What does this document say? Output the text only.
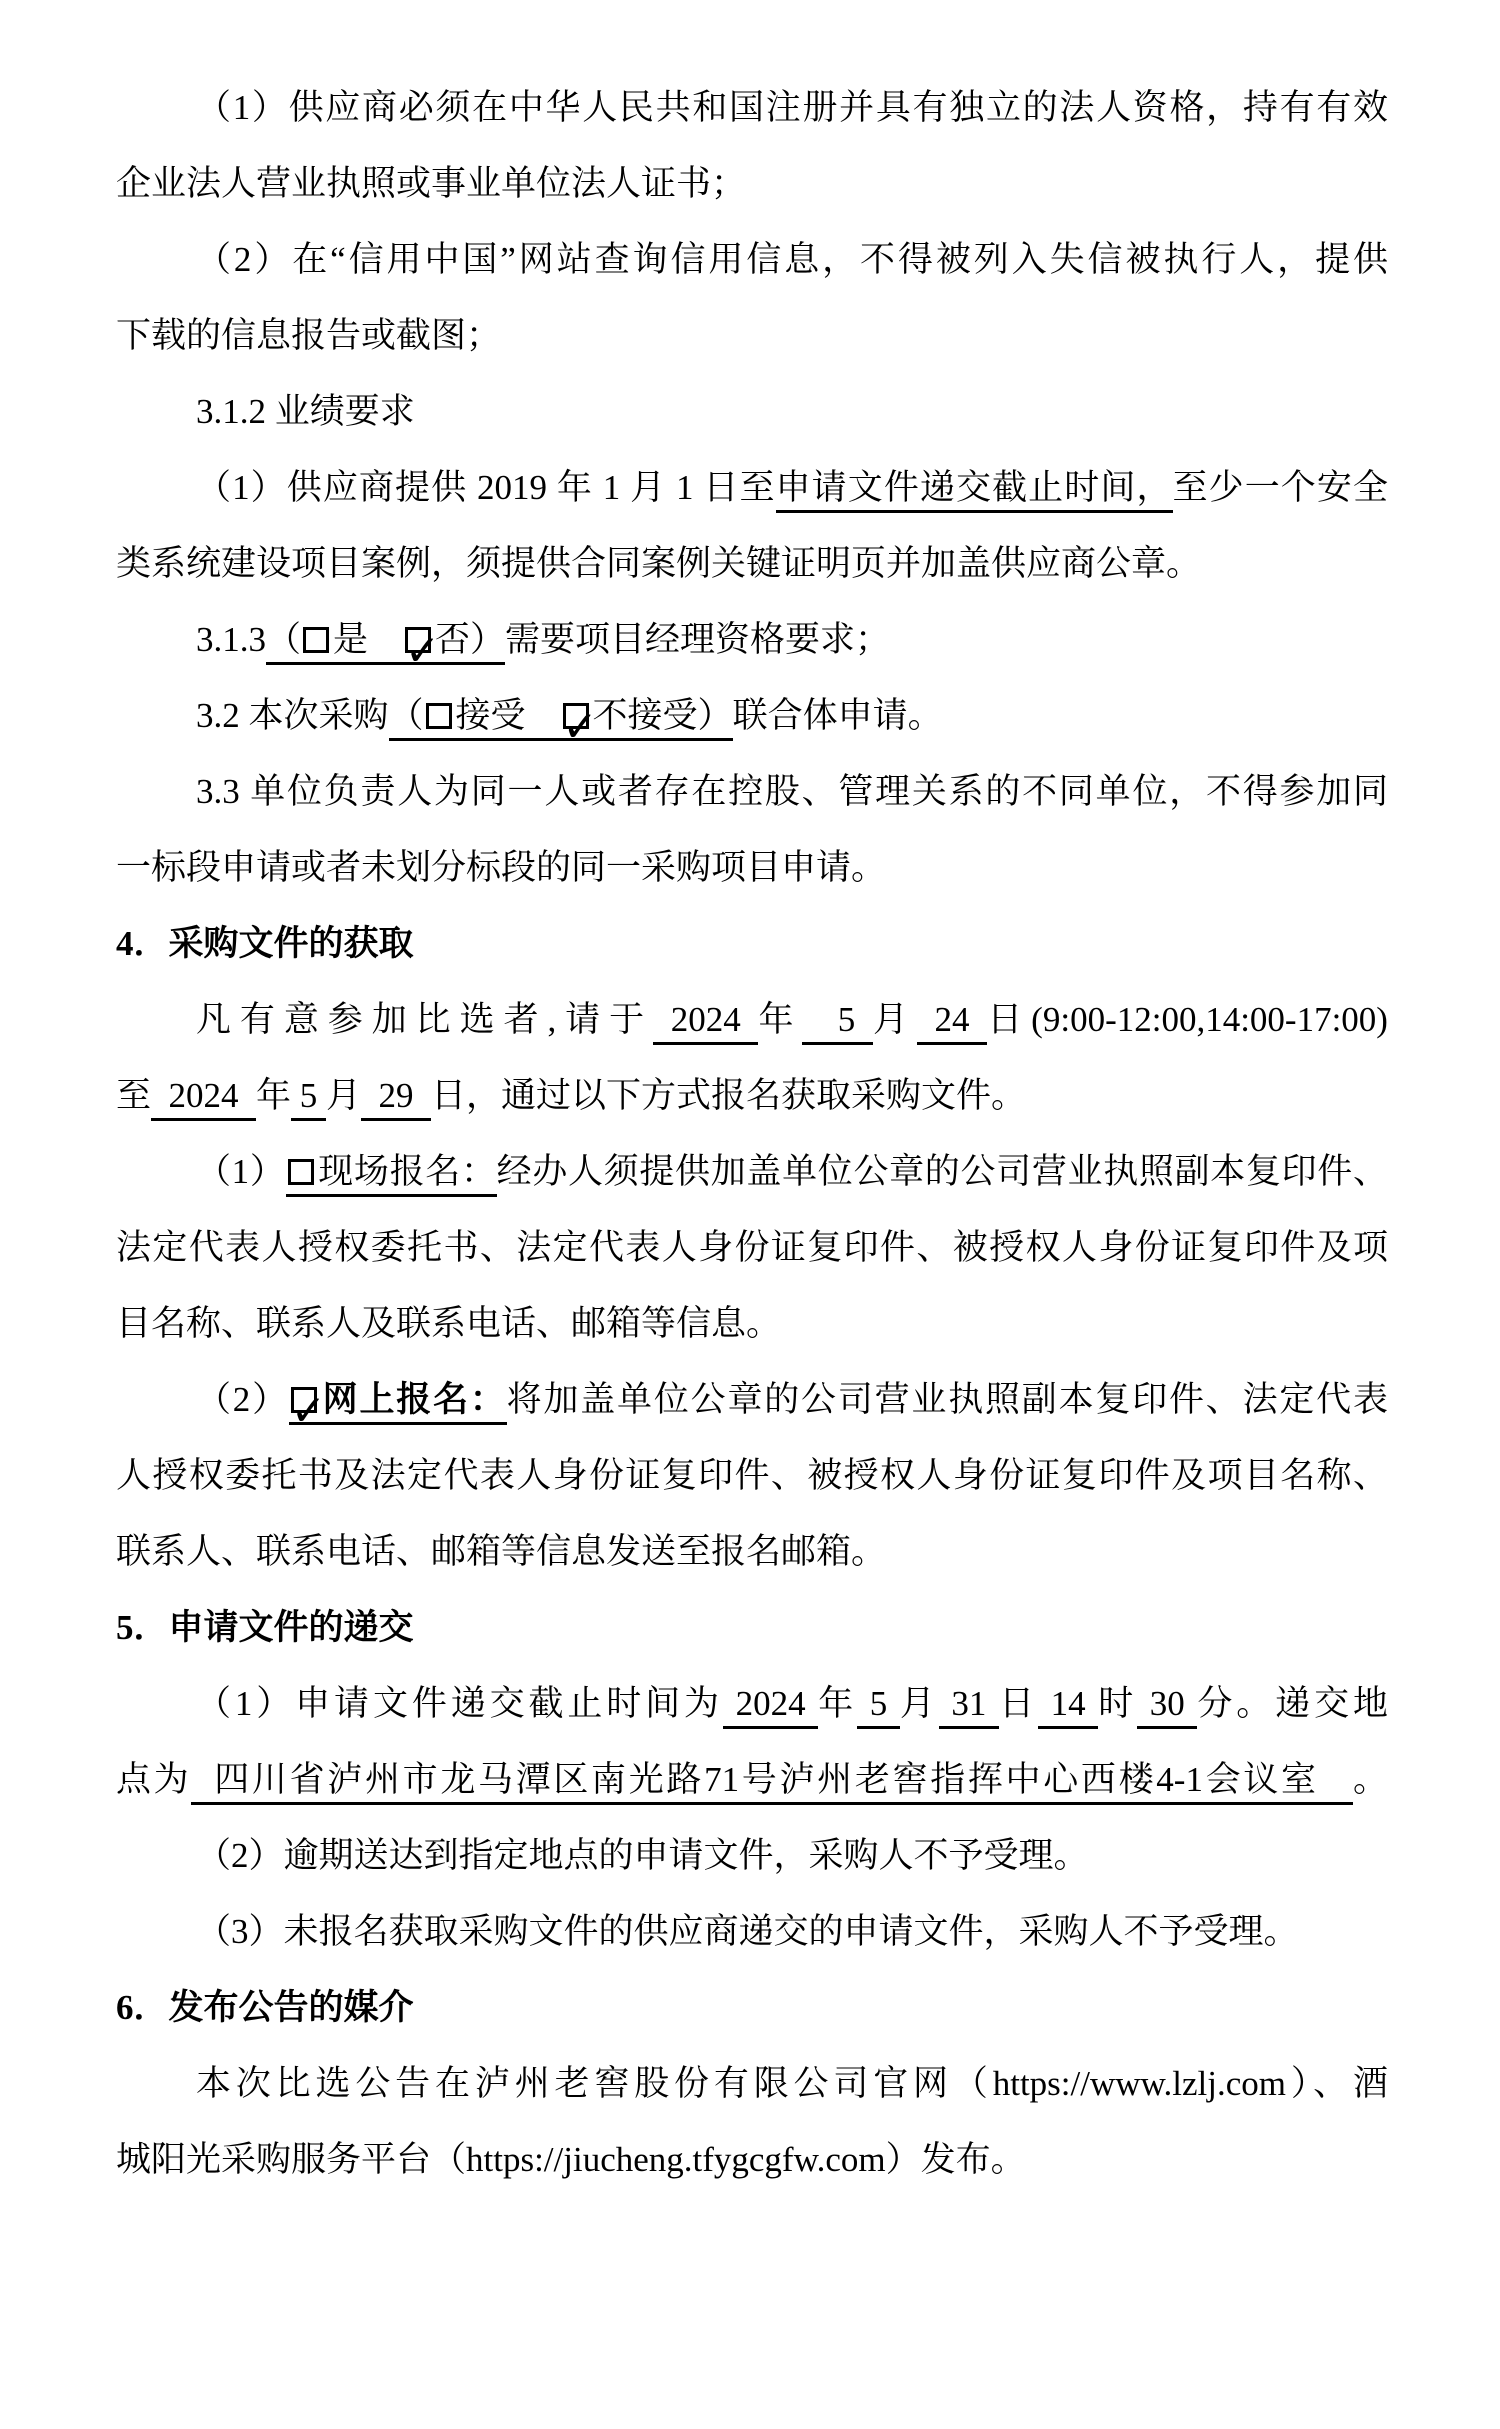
（1）供应商必须在中华人民共和国注册并具有独立的法人资格，持有有效
企业法人营业执照或事业单位法人证书；
（2）在“信用中国”网站查询信用信息，不得被列入失信被执行人，提供
下载的信息报告或截图；
3.1.2 业绩要求
（1）供应商提供 2019 年 1 月 1 日至申请文件递交截止时间，至少一个安全
类系统建设项目案例，须提供合同案例关键证明页并加盖供应商公章。
3.1.3（ 是　 ✓否）需要项目经理资格要求；
3.2 本次采购（ 接受　 ✓不接受）联合体申请。
3.3 单位负责人为同一人或者存在控股、管理关系的不同单位，不得参加同
一标段申请或者未划分标段的同一采购项目申请。
4．采购文件的获取
凡有意参加比选者,请于 2024 年  5 月 24 日(9:00-12:00,14:00-17:00)
至  2024  年 5 月  29  日，通过以下方式报名获取采购文件。
（1） 现场报名：经办人须提供加盖单位公章的公司营业执照副本复印件、
法定代表人授权委托书、法定代表人身份证复印件、被授权人身份证复印件及项
目名称、联系人及联系电话、邮箱等信息。
（2） ✓ 网上报名：将加盖单位公章的公司营业执照副本复印件、法定代表
人授权委托书及法定代表人身份证复印件、被授权人身份证复印件及项目名称、
联系人、联系电话、邮箱等信息发送至报名邮箱。
5．申请文件的递交
（1）申请文件递交截止时间为 2024 年 5 月 31 日 14 时 30 分。递交地
点为  四川省泸州市龙马潭区南光路71号泸州老窖指挥中心西楼4-1会议室   。
（2）逾期送达到指定地点的申请文件，采购人不予受理。
（3）未报名获取采购文件的供应商递交的申请文件，采购人不予受理。
6．发布公告的媒介
本次比选公告在泸州老窖股份有限公司官网（https://www.lzlj.com）、酒
城阳光采购服务平台（https://jiucheng.tfygcgfw.com）发布。
